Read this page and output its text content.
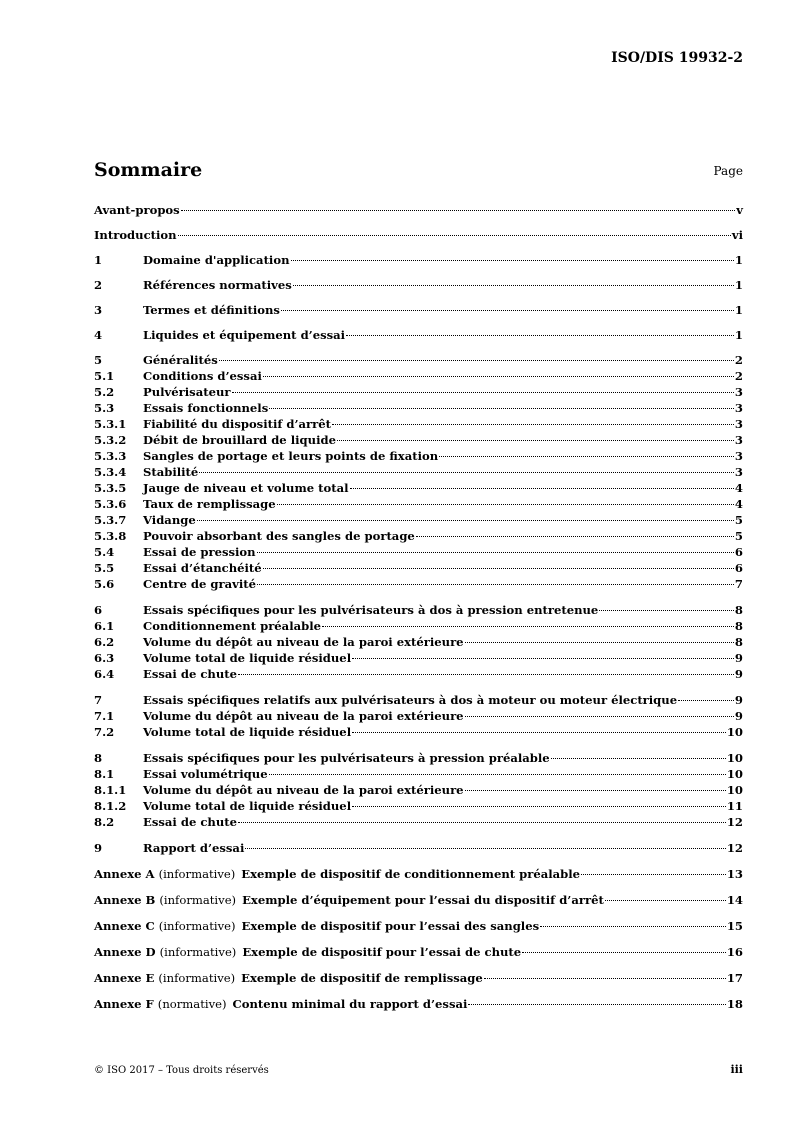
ISO/DIS 19932-2
Sommaire	Page
Avant-propos	v
Introduction	vi
1	Domaine d'application	1
2	Références normatives	1
3	Termes et définitions	1
4	Liquides et équipement d’essai	1
5	Généralités	2
5.1	Conditions d’essai	2
5.2	Pulvérisateur	3
5.3	Essais fonctionnels	3
5.3.1	Fiabilité du dispositif d’arrêt	3
5.3.2	Débit de brouillard de liquide	3
5.3.3	Sangles de portage et leurs points de fixation	3
5.3.4	Stabilité	3
5.3.5	Jauge de niveau et volume total	4
5.3.6	Taux de remplissage	4
5.3.7	Vidange	5
5.3.8	Pouvoir absorbant des sangles de portage	5
5.4	Essai de pression	6
5.5	Essai d’étanchéité	6
5.6	Centre de gravité	7
6	Essais spécifiques pour les pulvérisateurs à dos à pression entretenue	8
6.1	Conditionnement préalable	8
6.2	Volume du dépôt au niveau de la paroi extérieure	8
6.3	Volume total de liquide résiduel	9
6.4	Essai de chute	9
7	Essais spécifiques relatifs aux pulvérisateurs à dos à moteur ou moteur électrique	9
7.1	Volume du dépôt au niveau de la paroi extérieure	9
7.2	Volume total de liquide résiduel	10
8	Essais spécifiques pour les pulvérisateurs à pression préalable	10
8.1	Essai volumétrique	10
8.1.1	Volume du dépôt au niveau de la paroi extérieure	10
8.1.2	Volume total de liquide résiduel	11
8.2	Essai de chute	12
9	Rapport d’essai	12
Annexe A (informative) Exemple de dispositif de conditionnement préalable	13
Annexe B (informative) Exemple d’équipement pour l’essai du dispositif d’arrêt	14
Annexe C (informative) Exemple de dispositif pour l’essai des sangles	15
Annexe D (informative) Exemple de dispositif pour l’essai de chute	16
Annexe E (informative) Exemple de dispositif de remplissage	17
Annexe F (normative) Contenu minimal du rapport d’essai	18
© ISO 2017 – Tous droits réservés	iii
